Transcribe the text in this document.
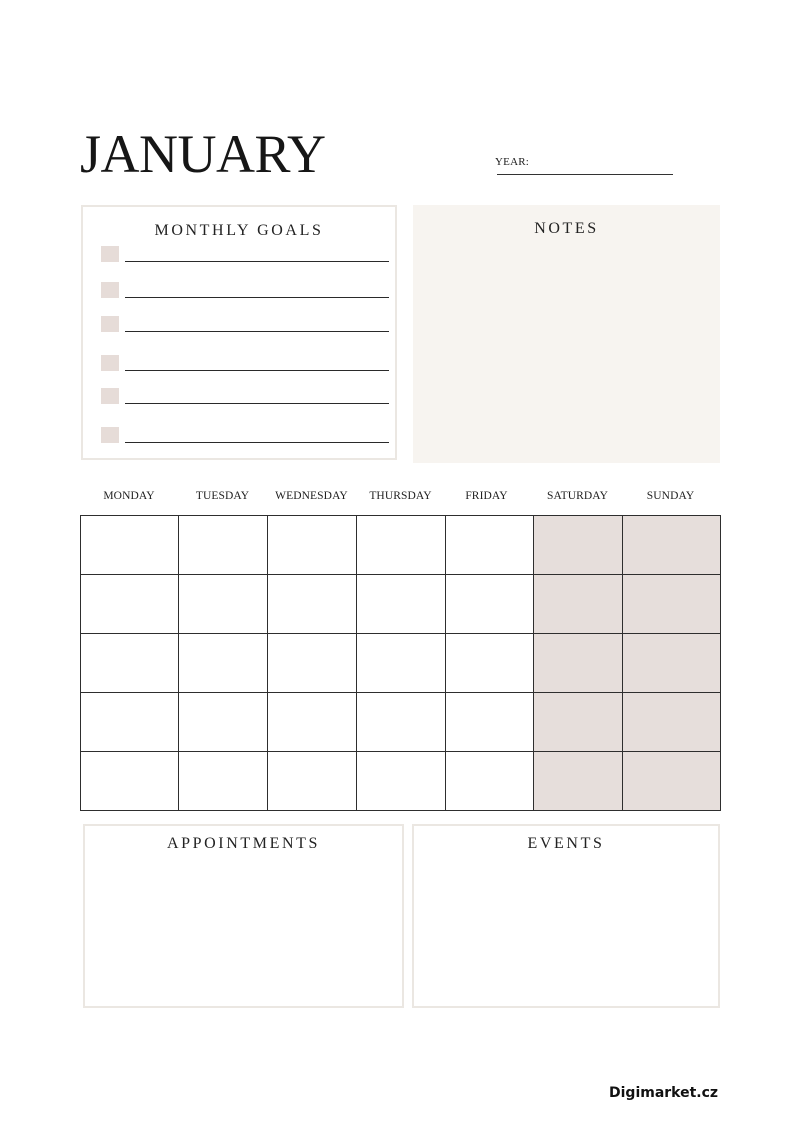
JANUARY	YEAR:
MONTHLY GOALS	NOTES
MONDAY	TUESDAY	WEDNESDAY	THURSDAY	FRIDAY	SATURDAY	SUNDAY
APPOINTMENTS	EVENTS
Digimarket.cz
